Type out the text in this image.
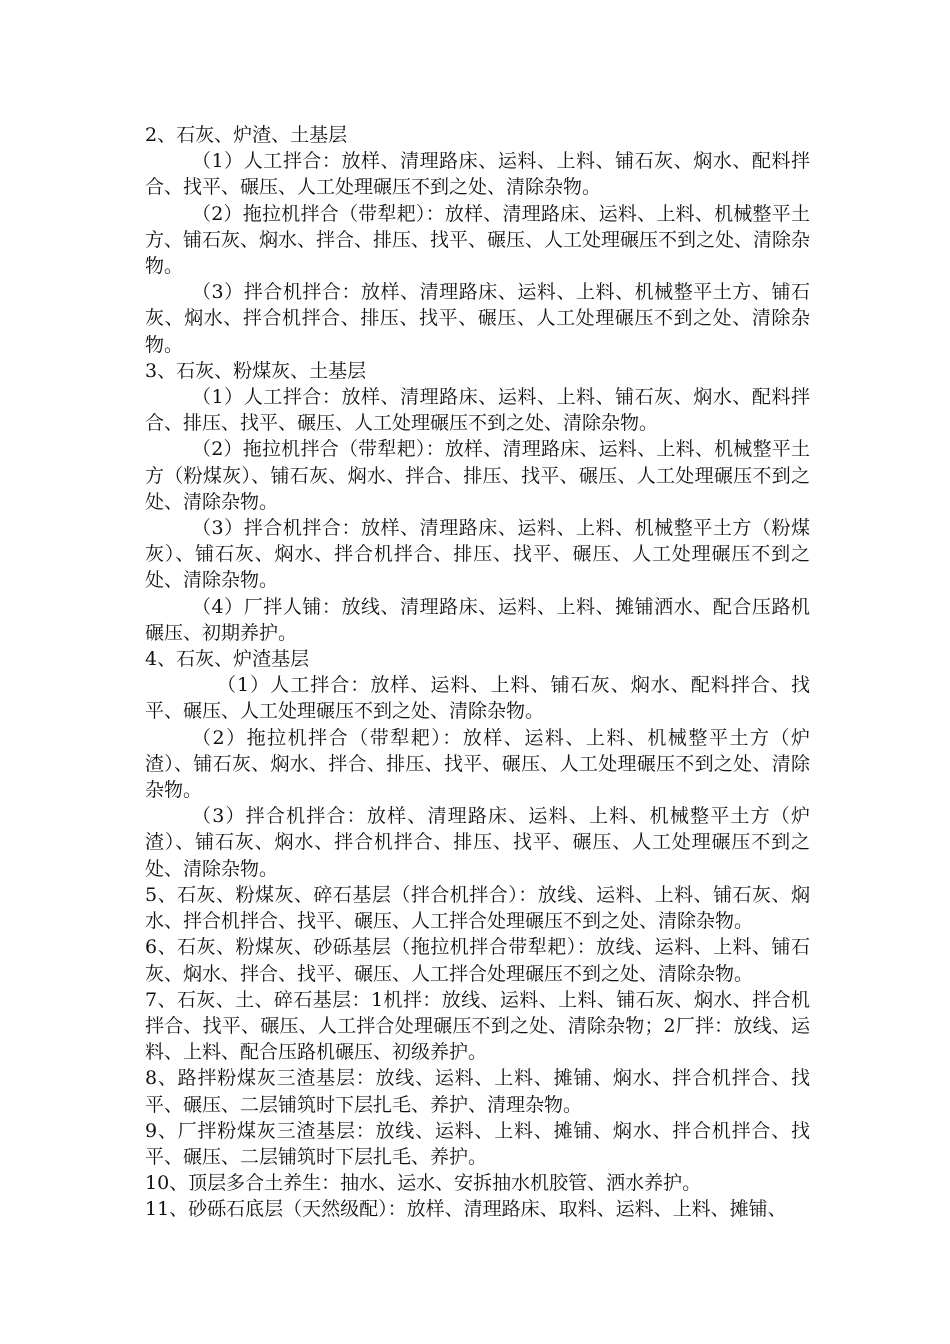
2、石灰、炉渣、土基层

（1）人工拌合：放样、清理路床、运料、上料、铺石灰、焖水、配料拌合、找平、碾压、人工处理碾压不到之处、清除杂物。

（2）拖拉机拌合（带犁耙）：放样、清理路床、运料、上料、机械整平土方、铺石灰、焖水、拌合、排压、找平、碾压、人工处理碾压不到之处、清除杂物。

（3）拌合机拌合：放样、清理路床、运料、上料、机械整平土方、铺石灰、焖水、拌合机拌合、排压、找平、碾压、人工处理碾压不到之处、清除杂物。

3、石灰、粉煤灰、土基层

（1）人工拌合：放样、清理路床、运料、上料、铺石灰、焖水、配料拌合、排压、找平、碾压、人工处理碾压不到之处、清除杂物。

（2）拖拉机拌合（带犁耙）：放样、清理路床、运料、上料、机械整平土方（粉煤灰）、铺石灰、焖水、拌合、排压、找平、碾压、人工处理碾压不到之处、清除杂物。

（3）拌合机拌合：放样、清理路床、运料、上料、机械整平土方（粉煤灰）、铺石灰、焖水、拌合机拌合、排压、找平、碾压、人工处理碾压不到之处、清除杂物。

（4）厂拌人铺：放线、清理路床、运料、上料、摊铺洒水、配合压路机碾压、初期养护。

4、石灰、炉渣基层

（1）人工拌合：放样、运料、上料、铺石灰、焖水、配料拌合、找平、碾压、人工处理碾压不到之处、清除杂物。

（2）拖拉机拌合（带犁耙）：放样、运料、上料、机械整平土方（炉渣）、铺石灰、焖水、拌合、排压、找平、碾压、人工处理碾压不到之处、清除杂物。

（3）拌合机拌合：放样、清理路床、运料、上料、机械整平土方（炉渣）、铺石灰、焖水、拌合机拌合、排压、找平、碾压、人工处理碾压不到之处、清除杂物。

5、石灰、粉煤灰、碎石基层（拌合机拌合）：放线、运料、上料、铺石灰、焖水、拌合机拌合、找平、碾压、人工拌合处理碾压不到之处、清除杂物。

6、石灰、粉煤灰、砂砾基层（拖拉机拌合带犁耙）：放线、运料、上料、铺石灰、焖水、拌合、找平、碾压、人工拌合处理碾压不到之处、清除杂物。

7、石灰、土、碎石基层：1机拌：放线、运料、上料、铺石灰、焖水、拌合机拌合、找平、碾压、人工拌合处理碾压不到之处、清除杂物；2厂拌：放线、运料、上料、配合压路机碾压、初级养护。

8、路拌粉煤灰三渣基层：放线、运料、上料、摊铺、焖水、拌合机拌合、找平、碾压、二层铺筑时下层扎毛、养护、清理杂物。

9、厂拌粉煤灰三渣基层：放线、运料、上料、摊铺、焖水、拌合机拌合、找平、碾压、二层铺筑时下层扎毛、养护。

10、顶层多合土养生：抽水、运水、安拆抽水机胶管、洒水养护。

11、砂砾石底层（天然级配）：放样、清理路床、取料、运料、上料、摊铺、
